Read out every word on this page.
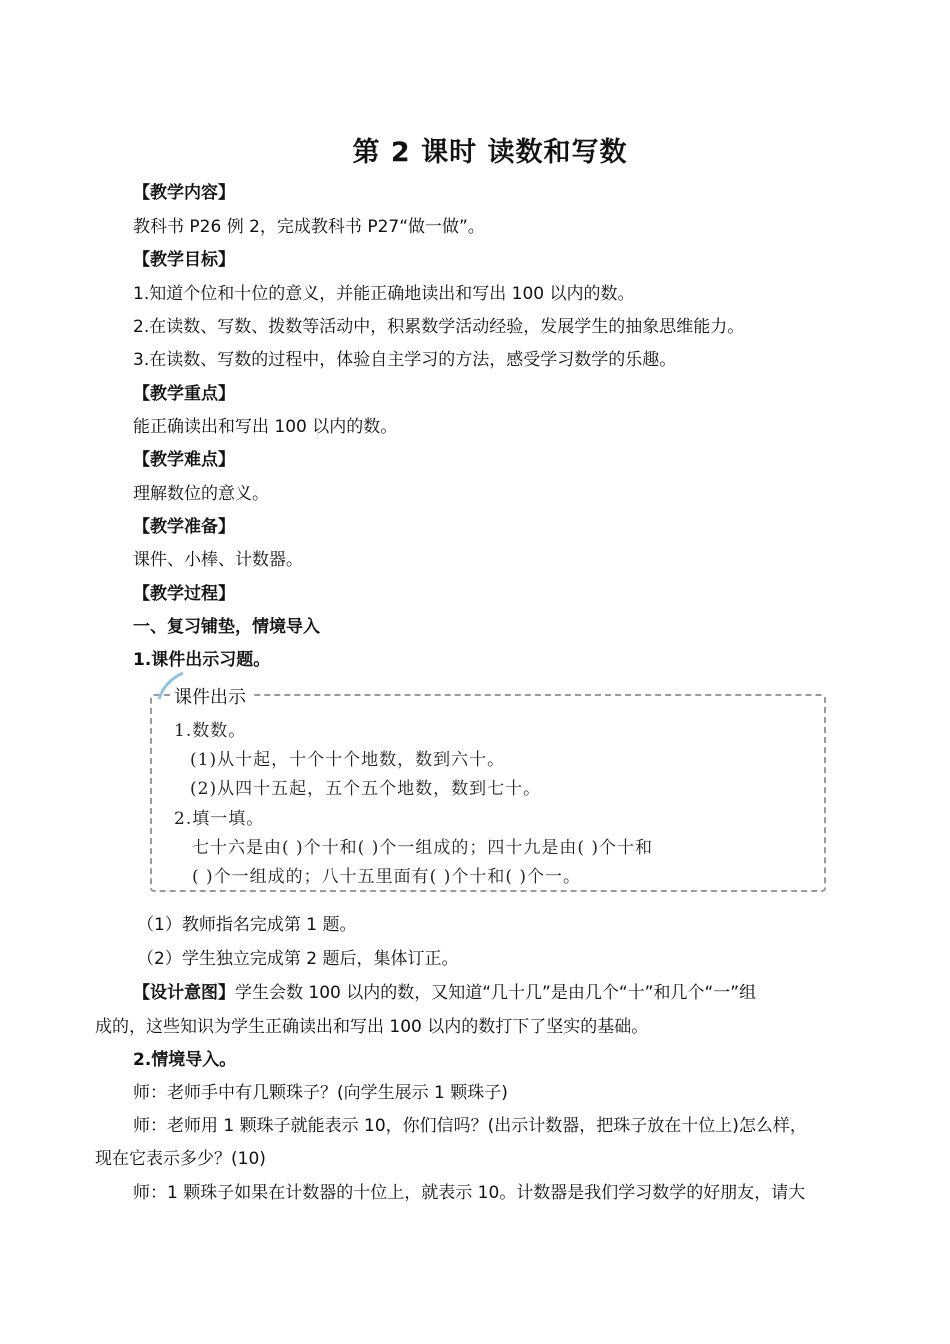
第 2 课时 读数和写数
【教学内容】
教科书 P26 例 2，完成教科书 P27“做一做”。
【教学目标】
1.知道个位和十位的意义，并能正确地读出和写出 100 以内的数。
2.在读数、写数、拨数等活动中，积累数学活动经验，发展学生的抽象思维能力。
3.在读数、写数的过程中，体验自主学习的方法，感受学习数学的乐趣。
【教学重点】
能正确读出和写出 100 以内的数。
【教学难点】
理解数位的意义。
【教学准备】
课件、小棒、计数器。
【教学过程】
一、复习铺垫，情境导入
1.课件出示习题。
课件出示
1.数数。
(1)从十起，十个十个地数，数到六十。
(2)从四十五起，五个五个地数，数到七十。
2.填一填。
七十六是由( )个十和( )个一组成的；四十九是由( )个十和
( )个一组成的；八十五里面有( )个十和( )个一。
（1）教师指名完成第 1 题。
（2）学生独立完成第 2 题后，集体订正。
【设计意图】学生会数 100 以内的数，又知道“几十几”是由几个“十”和几个“一”组
成的，这些知识为学生正确读出和写出 100 以内的数打下了坚实的基础。
2.情境导入。
师：老师手中有几颗珠子？(向学生展示 1 颗珠子)
师：老师用 1 颗珠子就能表示 10，你们信吗？(出示计数器，把珠子放在十位上)怎么样，
现在它表示多少？(10)
师：1 颗珠子如果在计数器的十位上，就表示 10。计数器是我们学习数学的好朋友，请大
